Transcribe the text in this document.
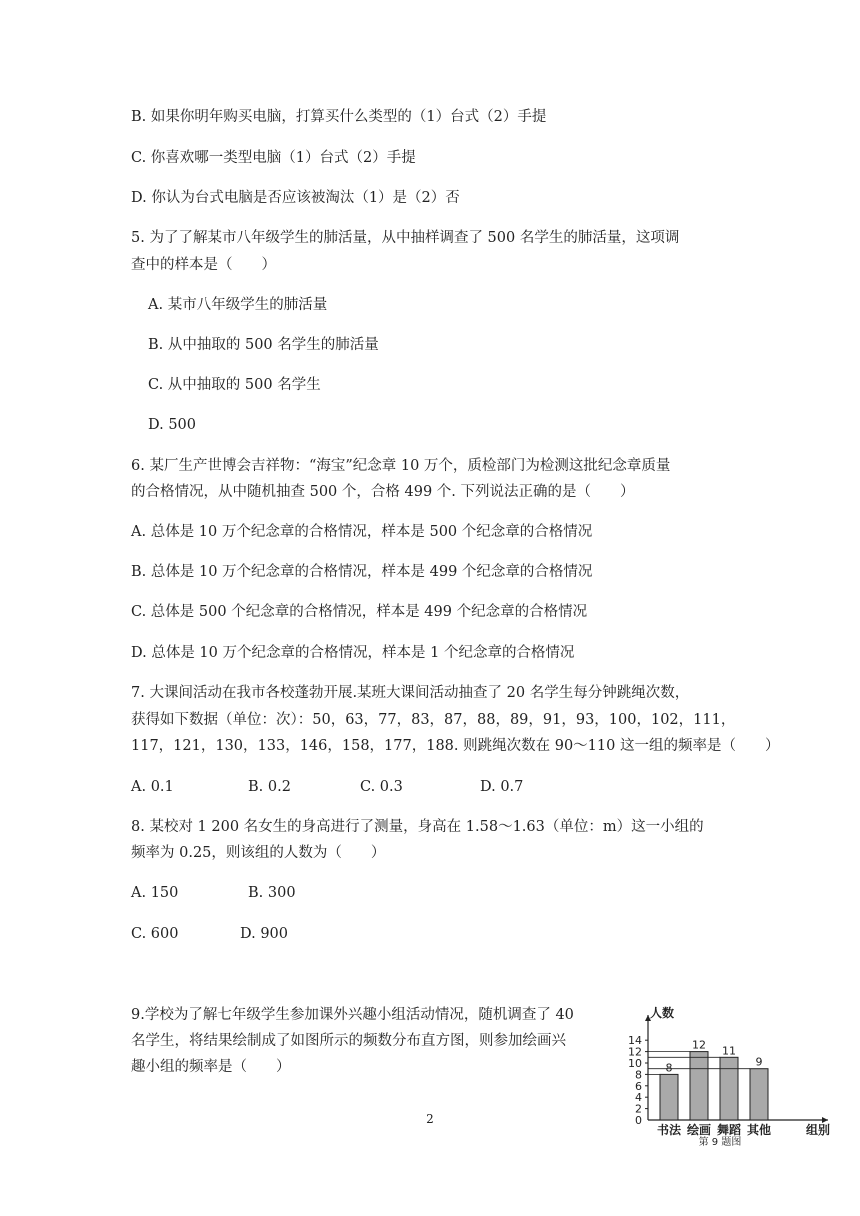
B. 如果你明年购买电脑，打算买什么类型的（1）台式（2）手提
C. 你喜欢哪一类型电脑（1）台式（2）手提
D. 你认为台式电脑是否应该被淘汰（1）是（2）否
5. 为了了解某市八年级学生的肺活量，从中抽样调查了 500 名学生的肺活量，这项调
查中的样本是（　　）
A. 某市八年级学生的肺活量
B. 从中抽取的 500 名学生的肺活量
C. 从中抽取的 500 名学生
D. 500
6. 某厂生产世博会吉祥物：“海宝”纪念章 10 万个，质检部门为检测这批纪念章质量
的合格情况，从中随机抽查 500 个，合格 499 个. 下列说法正确的是（　　）
A. 总体是 10 万个纪念章的合格情况，样本是 500 个纪念章的合格情况
B. 总体是 10 万个纪念章的合格情况，样本是 499 个纪念章的合格情况
C. 总体是 500 个纪念章的合格情况，样本是 499 个纪念章的合格情况
D. 总体是 10 万个纪念章的合格情况，样本是 1 个纪念章的合格情况
7. 大课间活动在我市各校蓬勃开展.某班大课间活动抽查了 20 名学生每分钟跳绳次数，
获得如下数据（单位：次）：50，63，77，83，87，88，89，91，93，100，102，111，
117，121，130，133，146，158，177，188. 则跳绳次数在 90～110 这一组的频率是（　　）
A. 0.1	B. 0.2	C. 0.3	D. 0.7
8. 某校对 1 200 名女生的身高进行了测量，身高在 1.58～1.63（单位：m）这一小组的
频率为 0.25，则该组的人数为（　　）
A. 150	B. 300
C. 600	D. 900
9.学校为了解七年级学生参加课外兴趣小组活动情况，随机调查了 40
名学生，将结果绘制成了如图所示的频数分布直方图，则参加绘画兴
趣小组的频率是（　　）
2	0
2
4
6
8
10
12
14
人数
8
书法
12
绘画
11
舞蹈
9
其他	组别
第 9 题图
